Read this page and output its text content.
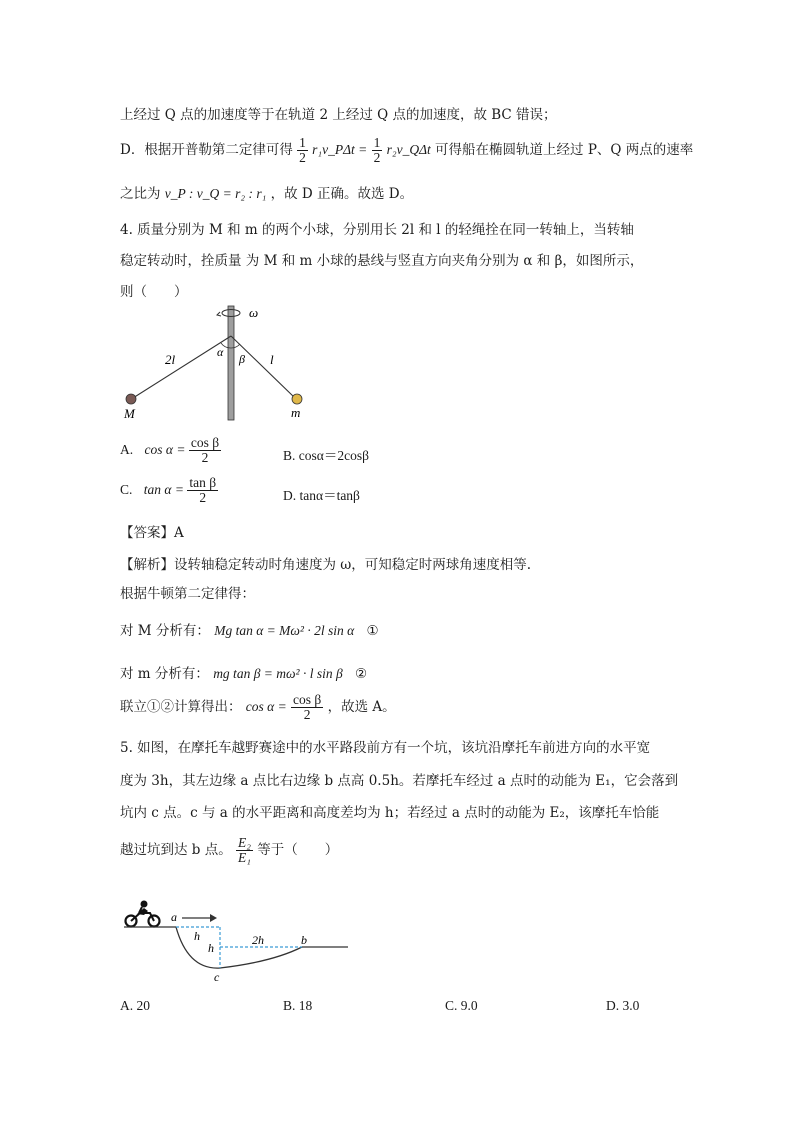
上经过 Q 点的加速度等于在轨道 2 上经过 Q 点的加速度，故 BC 错误；
D．根据开普勒第二定律可得 $\frac{1}{2}$ r₁v_PΔt = $\frac{1}{2}$ r₂v_QΔt 可得船在椭圆轨道上经过 P、Q 两点的速率
之比为 v_P : v_Q = r₂ : r₁ ，故 D 正确。故选 D。
4. 质量分别为 M 和 m 的两个小球，分别用长 2l 和 l 的轻绳拴在同一转轴上，当转轴
稳定转动时，拴质量 为 M 和 m 小球的悬线与竖直方向夹角分别为 α 和 β，如图所示，
则（　　）
ω
α β
2l	l
M	m
A. $\cos \alpha = \frac{\text{cos β}}{2}$	B. cosα＝2cosβ
C. $\tan \alpha = \frac{\text{tan β}}{2}$	D. tanα＝tanβ
【答案】A
【解析】设转轴稳定转动时角速度为 ω，可知稳定时两球角速度相等.
根据牛顿第二定律得：
对 M 分析有： Mg tan α = Mω² · 2l sin α ①
对 m 分析有： mg tan β = mω² · l sin β ②
联立①②计算得出： $\cos \alpha = \frac{\text{cos β}}{2}$ ，故选 A。
5. 如图，在摩托车越野赛途中的水平路段前方有一个坑，该坑沿摩托车前进方向的水平宽
度为 3h，其左边缘 a 点比右边缘 b 点高 0.5h。若摩托车经过 a 点时的动能为 E₁，它会落到
坑内 c 点。c 与 a 的水平距离和高度差均为 h；若经过 a 点时的动能为 E₂，该摩托车恰能
越过坑到达 b 点。 $\frac{\text{E₂}}{\text{E₁}}$ 等于（　　）
a
b
c
h
h
2h
A. 20	B. 18	C. 9.0	D. 3.0
